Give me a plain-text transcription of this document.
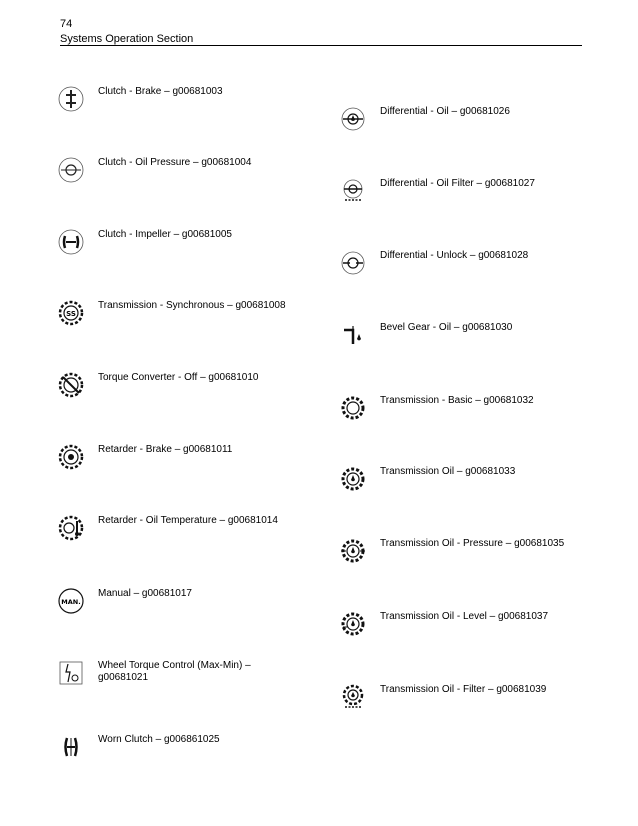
74
Systems Operation Section
Clutch - Brake – g00681003
Clutch - Oil Pressure – g00681004
Clutch - Impeller – g00681005
SS
Transmission - Synchronous – g00681008
Torque Converter - Off – g00681010
Retarder - Brake – g00681011
Retarder - Oil Temperature – g00681014
MAN.
Manual – g00681017
Wheel Torque Control (Max-Min) – g00681021
Worn Clutch – g006861025
Differential - Oil – g00681026
Differential - Oil Filter – g00681027
Differential - Unlock – g00681028
Bevel Gear - Oil – g00681030
Transmission - Basic – g00681032
Transmission Oil – g00681033
Transmission Oil - Pressure – g00681035
Transmission Oil - Level – g00681037
Transmission Oil - Filter – g00681039
